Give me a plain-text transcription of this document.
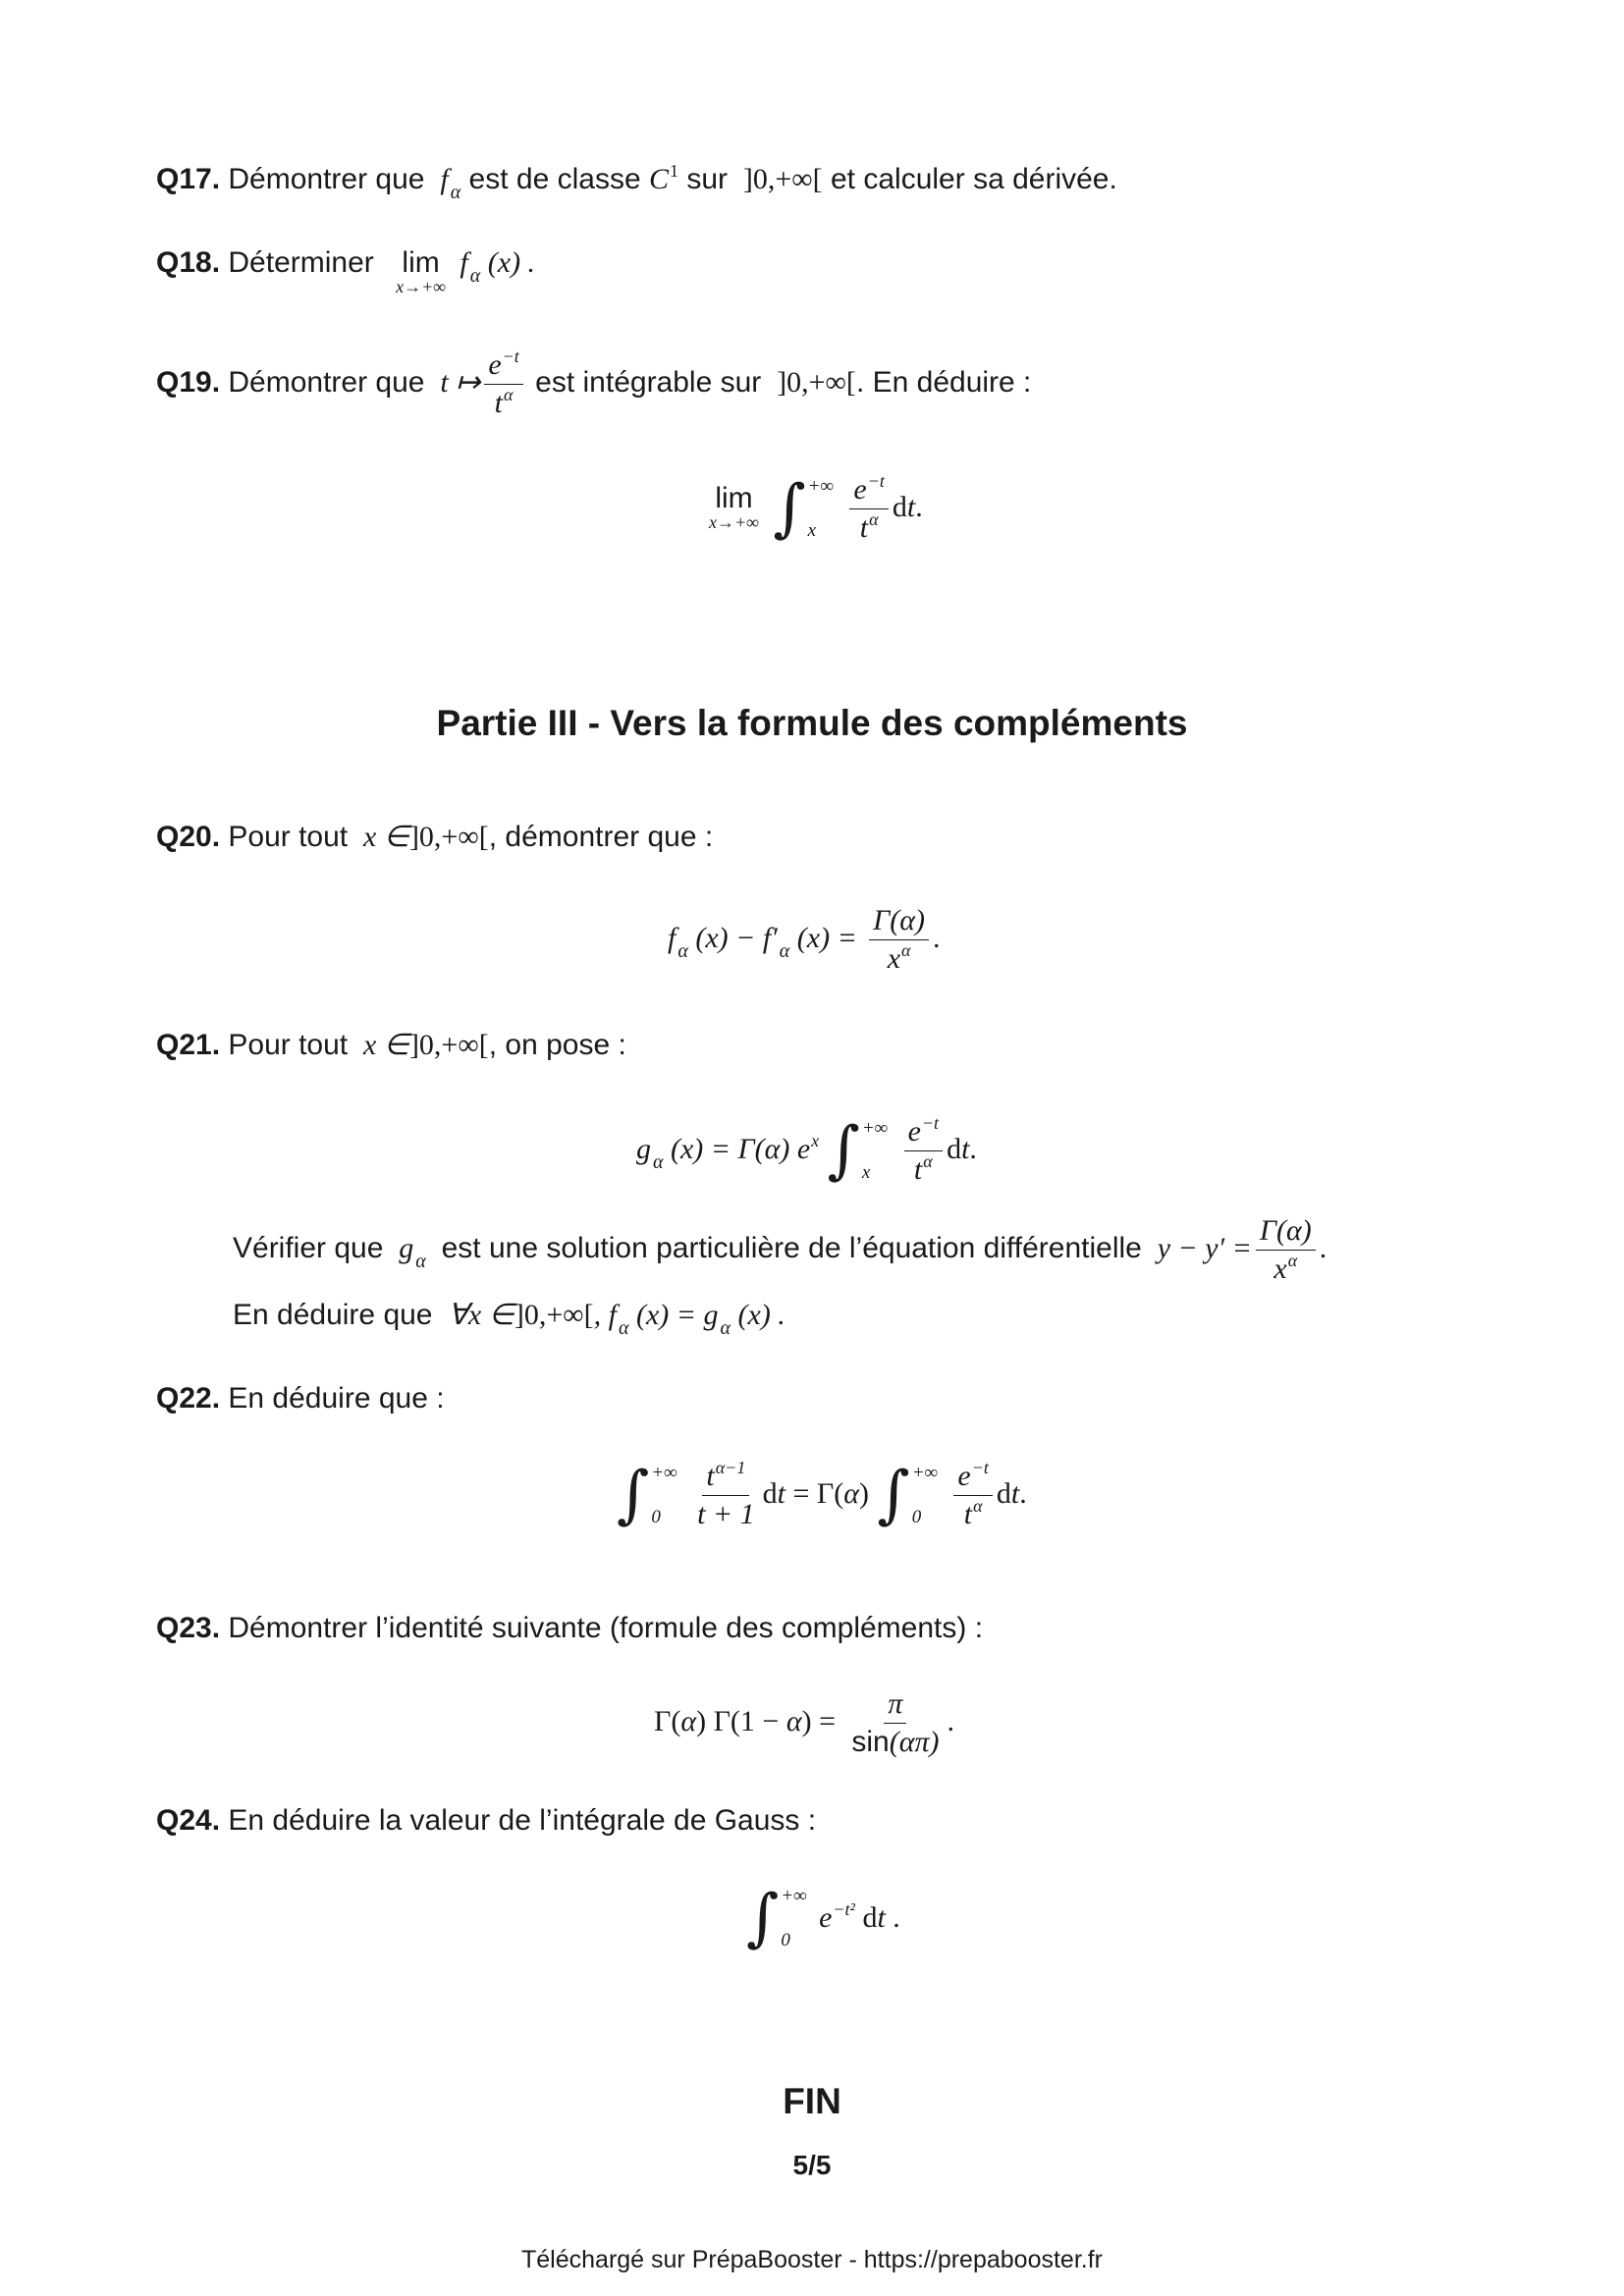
Q17. Démontrer que  f $_\alpha$ est de classe $C^1$ sur  ]0,+∞[ et calculer sa dérivée.
Q18. Déterminer lim
x→+∞
f $_\alpha$ (x) .
Q19. Démontrer que  t ↦ $\frac{e^{-t}}{t^\alpha}$ est intégrable sur  ]0,+∞[. En déduire :
lim
x→+∞
∫ +∞
x
	$\frac{e^{-t}}{t^\alpha}$ dt.
Partie III - Vers la formule des compléments
Q20. Pour tout  x ∈]0,+∞[, démontrer que :
f $_\alpha$ (x) − f′ $_\alpha$ $(x) = \frac{\Gamma(\alpha)}{x^\alpha}$ .
Q21. Pour tout  x ∈]0,+∞[, on pose :
g $_\alpha$ (x) = Γ(α) $e^x$ ∫ +∞
x
	$\frac{e^{-t}}{t^\alpha}$ dt.
Vérifier que  g $_\alpha$ est une solution particulière de l’équation différentielle  $y - y' = \frac{\Gamma(\alpha)}{x^\alpha}$ .
En déduire que  ∀x ∈]0,+∞[, f $_\alpha$ (x) = g $_\alpha$ (x) .
Q22. En déduire que :
∫ +∞
0
	$\frac{t^{\alpha-1}}{t + 1}$ dt = Γ(α) ∫ +∞
0
	$\frac{e^{-t}}{t^\alpha}$ dt.
Q23. Démontrer l’identité suivante (formule des compléments) :
Γ(α) $\Gamma(1 - \alpha) = \frac{\pi}{\sin(\alpha\pi)}$ .
Q24. En déduire la valeur de l’intégrale de Gauss :
∫ +∞
0
$e^{-t^2}$ dt .
FIN
5/5
Téléchargé sur PrépaBooster - https://prepabooster.fr
